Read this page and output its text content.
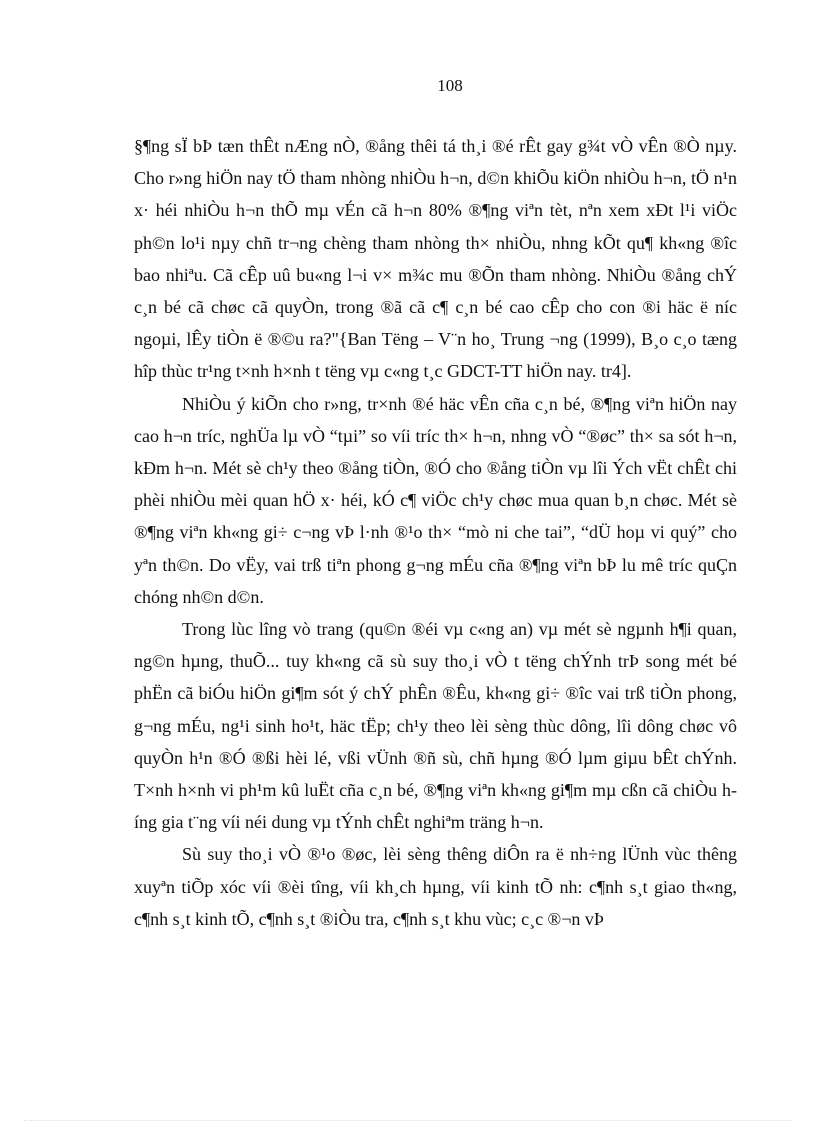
108

§¶ng sÏ bÞ tæn thÊt nÆng nÒ, ®ång thêi tá th¸i ®é rÊt gay g¾t vÒ vÊn ®Ò nµy. Cho r»ng hiÖn nay tÖ tham nhòng nhiÒu h¬n, d©n khiÕu kiÖn nhiÒu h¬n, tÖ n¹n x· héi nhiÒu h¬n thÕ mµ vÉn cã h¬n 80% ®¶ng viªn tèt, nªn xem xÐt l¹i viÖc ph©n lo¹i nµy chñ tr¬ng chèng tham nhòng th× nhiÒu, nhng kÕt qu¶ kh«ng ®îc bao nhiªu. Cã cÊp uû bu«ng l¬i v× m¾c mu ®Õn tham nhòng. NhiÒu ®ång chÝ c¸n bé cã chøc cã quyÒn, trong ®ã cã c¶ c¸n bé cao cÊp cho con ®i häc ë níc ngoµi, lÊy tiÒn ë ®©u ra?"{Ban Tëng – V¨n ho¸ Trung ¬ng (1999), B¸o c¸o tæng hîp thùc tr¹ng t×nh h×nh t tëng vµ c«ng t¸c GDCT-TT hiÖn nay. tr4].

NhiÒu ý kiÕn cho r»ng, tr×nh ®é häc vÊn cña c¸n bé, ®¶ng viªn hiÖn nay cao h¬n tríc, nghÜa lµ vÒ “tµi” so víi tríc th× h¬n, nhng vÒ “®øc” th× sa sót h¬n, kÐm h¬n. Mét sè ch¹y theo ®ång tiÒn, ®Ó cho ®ång tiÒn vµ lîi Ých vËt chÊt chi phèi nhiÒu mèi quan hÖ x· héi, kÓ c¶ viÖc ch¹y chøc mua quan b¸n chøc. Mét sè ®¶ng viªn kh«ng gi÷ c¬ng vÞ l·nh ®¹o th× “mò ni che tai”, “dÜ hoµ vi quý” cho yªn th©n. Do vËy, vai trß tiªn phong g¬ng mÉu cña ®¶ng viªn bÞ lu mê tríc quÇn chóng nh©n d©n.

Trong lùc lîng vò trang (qu©n ®éi vµ c«ng an) vµ mét sè ngµnh h¶i quan, ng©n hµng, thuÕ... tuy kh«ng cã sù suy tho¸i vÒ t tëng chÝnh trÞ song mét bé phËn cã biÓu hiÖn gi¶m sót ý chÝ phÊn ®Êu, kh«ng gi÷ ®îc vai trß tiÒn phong, g¬ng mÉu, ng¹i sinh ho¹t, häc tËp; ch¹y theo lèi sèng thùc dông, lîi dông chøc vô quyÒn h¹n ®Ó ®ßi hèi lé, vßi vÜnh ®ñ sù, chñ hµng ®Ó lµm giµu bÊt chÝnh. T×nh h×nh vi ph¹m kû luËt cña c¸n bé, ®¶ng viªn kh«ng gi¶m mµ cßn cã chiÒu híng gia t¨ng víi néi dung vµ tÝnh chÊt nghiªm träng h¬n.

Sù suy tho¸i vÒ ®¹o ®øc, lèi sèng thêng diÔn ra ë nh÷ng lÜnh vùc thêng xuyªn tiÕp xóc víi ®èi tîng, víi kh¸ch hµng, víi kinh tÕ nh: c¶nh s¸t giao th«ng, c¶nh s¸t kinh tÕ, c¶nh s¸t ®iÒu tra, c¶nh s¸t khu vùc; c¸c ®¬n vÞ
